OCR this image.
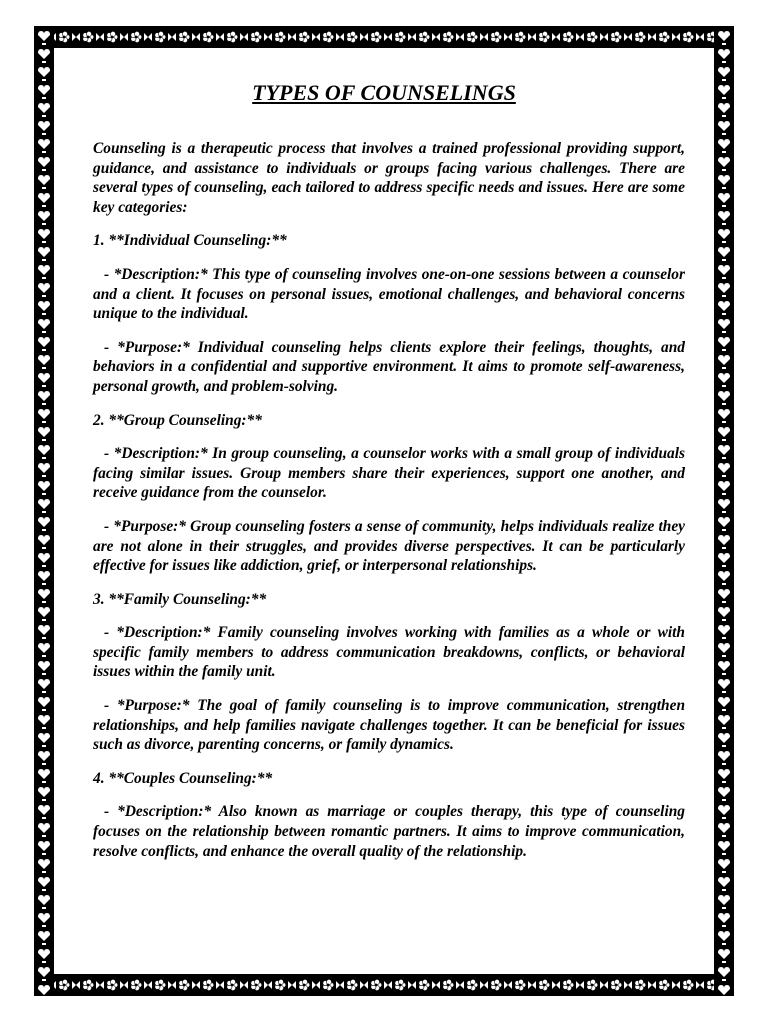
TYPES OF COUNSELINGS

Counseling is a therapeutic process that involves a trained professional providing support, guidance, and assistance to individuals or groups facing various challenges. There are several types of counseling, each tailored to address specific needs and issues. Here are some key categories:

1. **Individual Counseling:**

- *Description:* This type of counseling involves one-on-one sessions between a counselor and a client. It focuses on personal issues, emotional challenges, and behavioral concerns unique to the individual.

- *Purpose:* Individual counseling helps clients explore their feelings, thoughts, and behaviors in a confidential and supportive environment. It aims to promote self-awareness, personal growth, and problem-solving.

2. **Group Counseling:**

- *Description:* In group counseling, a counselor works with a small group of individuals facing similar issues. Group members share their experiences, support one another, and receive guidance from the counselor.

- *Purpose:* Group counseling fosters a sense of community, helps individuals realize they are not alone in their struggles, and provides diverse perspectives. It can be particularly effective for issues like addiction, grief, or interpersonal relationships.

3. **Family Counseling:**

- *Description:* Family counseling involves working with families as a whole or with specific family members to address communication breakdowns, conflicts, or behavioral issues within the family unit.

- *Purpose:* The goal of family counseling is to improve communication, strengthen relationships, and help families navigate challenges together. It can be beneficial for issues such as divorce, parenting concerns, or family dynamics.

4. **Couples Counseling:**

- *Description:* Also known as marriage or couples therapy, this type of counseling focuses on the relationship between romantic partners. It aims to improve communication, resolve conflicts, and enhance the overall quality of the relationship.
